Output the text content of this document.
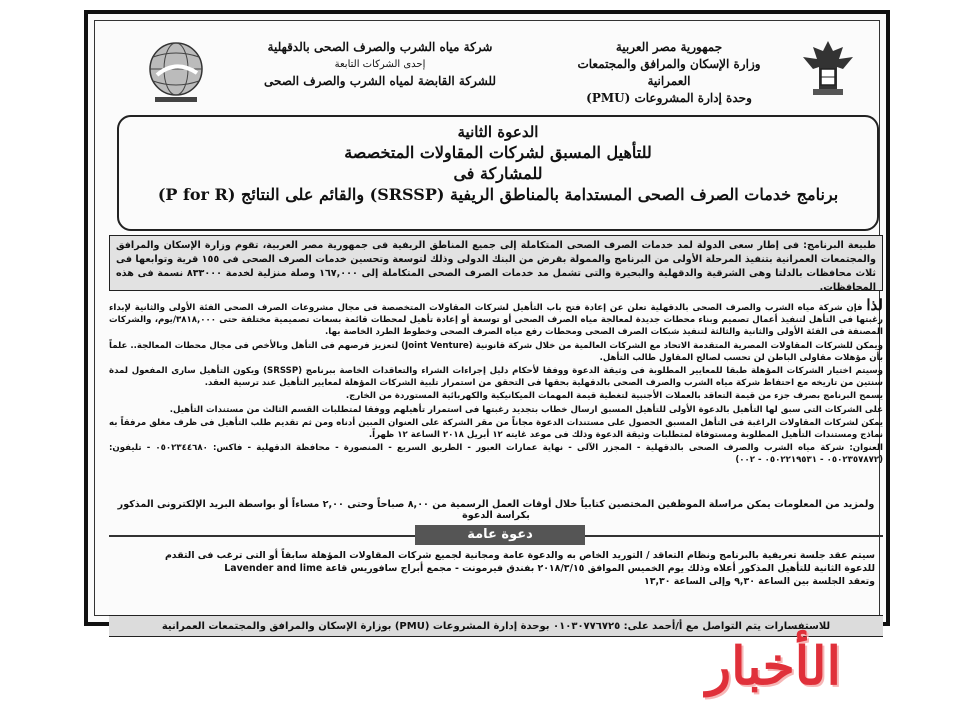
جمهورية مصر العربية
وزارة الإسكان والمرافق والمجتمعات العمرانية
وحدة إدارة المشروعات (PMU)
شركة مياه الشرب والصرف الصحى بالدقهلية
إحدى الشركات التابعة
للشركة القابضة لمياه الشرب والصرف الصحى
الدعوة الثانية
للتأهيل المسبق لشركات المقاولات المتخصصة
للمشاركة فى
برنامج خدمات الصرف الصحى المستدامة بالمناطق الريفية (SRSSP) والقائم على النتائج (P for R)
طبيعة البرنامج: فى إطار سعى الدولة لمد خدمات الصرف الصحى المتكاملة إلى جميع المناطق الريفية فى جمهورية مصر العربية، تقوم وزارة الإسكان والمرافق والمجتمعات العمرانية بتنفيذ المرحلة الأولى من البرنامج والممولة بقرض من البنك الدولى وذلك لتوسعة وتحسين خدمات الصرف الصحى فى ١٥٥ قرية وتوابعها فى ثلاث محافظات بالدلتا وهى الشرقية والدقهلية والبحيرة والتى تشمل مد خدمات الصرف الصحى المتكاملة إلى ١٦٧,٠٠٠ وصلة منزلية لخدمة ٨٣٣٠٠٠ نسمة فى هذه المحافظات.

لذا فإن شركة مياه الشرب والصرف الصحى بالدقهلية تعلن عن إعادة فتح باب التأهيل لشركات المقاولات المتخصصة فى مجال مشروعات الصرف الصحى الفئة الأولى والثانية لإبداء رغبتها فى التأهل لتنفيذ أعمال تصميم وبناء محطات جديدة لمعالجة مياه الصرف الصحى أو توسعة أو إعادة تأهيل لمحطات قائمة بسعات تصميمية مختلفة حتى ٣٨١٨,٠٠٠/يوم، والشركات المصنفة فى الفئة الأولى والثانية والثالثة لتنفيذ شبكات الصرف الصحى ومحطات رفع مياه الصرف الصحى وخطوط الطرد الخاصة بها.

ويمكن للشركات المقاولات المصرية المتقدمة الاتحاد مع الشركات العالمية من خلال شركة قانونية (Joint Venture) لتعزيز فرصهم فى التأهل وبالأخص فى مجال محطات المعالجة.. علماً بأن مؤهلات مقاولى الباطن لن تحسب لصالح المقاول طالب التأهل.

وسيتم اختيار الشركات المؤهلة طبقا للمعايير المطلوبة فى وثيقة الدعوة ووفقا لأحكام دليل إجراءات الشراء والتعاقدات الخاصة ببرنامج (SRSSP) ويكون التأهيل سارى المفعول لمدة سنتين من تاريخه مع احتفاظ شركة مياه الشرب والصرف الصحى بالدقهلية بحقها فى التحقق من استمرار تلبية الشركات المؤهلة لمعايير التأهيل عند ترسية العقد.

يسمح البرنامج بصرف جزء من قيمة التعاقد بالعملات الأجنبية لتغطية قيمة المهمات الميكانيكية والكهربائية المستوردة من الخارج.

على الشركات التى سبق لها التأهيل بالدعوة الأولى للتأهيل المسبق ارسال خطاب بتجديد رغبتها فى استمرار تأهيلهم ووفقا لمتطلبات القسم الثالث من مستندات التأهيل.

يمكن لشركات المقاولات الراغبة فى التأهل المسبق الحصول على مستندات الدعوة مجاناً من مقر الشركة على العنوان المبين أدناه ومن ثم تقديم طلب التأهيل فى ظرف مغلق مرفقاً به نماذج ومستندات التأهيل المطلوبة ومستوفاة لمتطلبات وثيقة الدعوة وذلك فى موعد غايته ١٢ أبريل ٢٠١٨ الساعة ١٢ ظهراً.

العنوان: شركة مياه الشرب والصرف الصحى بالدقهلية - المجزر الآلى - نهاية عمارات العبور - الطريق السريع - المنصورة - محافظة الدقهلية - فاكس: ٠٥٠٢٣٤٤٦٨٠ - تليفون: (٠٥٠٢٣٥٧٨٧٢ - ٠٥٠٢٢١٩٥٣١ - ٠٠٢)

ولمزيد من المعلومات يمكن مراسلة الموظفين المختصين كتابياً خلال أوقات العمل الرسمية من ٨,٠٠ صباحاً وحتى ٢,٠٠ مساءاً أو بواسطة البريد الإلكترونى المذكور بكراسة الدعوة
دعوة عامة
سيتم عقد جلسة تعريفية بالبرنامج ونظام التعاقد / التوريد الخاص به والدعوة عامة ومجانية لجميع شركات المقاولات المؤهلة سابقاً أو التى ترغب فى التقدم
للدعوة الثانية للتأهيل المذكور أعلاه وذلك يوم الخميس الموافق ٢٠١٨/٣/١٥ بفندق فيرمونت - مجمع أبراج سافوريس قاعة Lavender and lime
وتعقد الجلسة بين الساعة ٩,٣٠ وإلى الساعة ١٣,٣٠
للاستفسارات يتم التواصل مع أ/أحمد على: ٠١٠٣٠٧٧٦٧٢٥ بوحدة إدارة المشروعات (PMU) بوزارة الإسكان والمرافق والمجتمعات العمرانية
الأخبار
